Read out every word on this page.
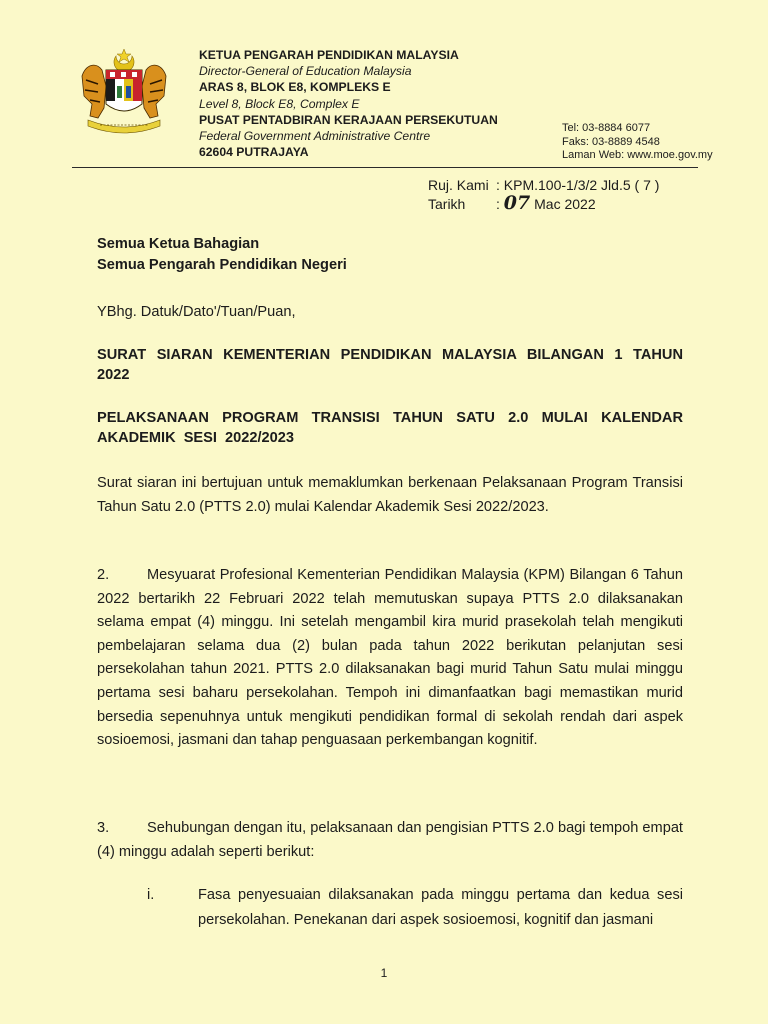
KETUA PENGARAH PENDIDIKAN MALAYSIA
Director-General of Education Malaysia
ARAS 8, BLOK E8, KOMPLEKS E
Level 8, Block E8, Complex E
PUSAT PENTADBIRAN KERAJAAN PERSEKUTUAN
Federal Government Administrative Centre
62604 PUTRAJAYA
Tel: 03-8884 6077
Faks: 03-8889 4548
Laman Web: www.moe.gov.my
Ruj. Kami : KPM.100-1/3/2 Jld.5 ( 7 )
Tarikh : 07 Mac 2022
Semua Ketua Bahagian
Semua Pengarah Pendidikan Negeri
YBhg. Datuk/Dato'/Tuan/Puan,
SURAT SIARAN KEMENTERIAN PENDIDIKAN MALAYSIA BILANGAN 1 TAHUN 2022
PELAKSANAAN PROGRAM TRANSISI TAHUN SATU 2.0 MULAI KALENDAR AKADEMIK SESI 2022/2023
Surat siaran ini bertujuan untuk memaklumkan berkenaan Pelaksanaan Program Transisi Tahun Satu 2.0 (PTTS 2.0) mulai Kalendar Akademik Sesi 2022/2023.
2.	Mesyuarat Profesional Kementerian Pendidikan Malaysia (KPM) Bilangan 6 Tahun 2022 bertarikh 22 Februari 2022 telah memutuskan supaya PTTS 2.0 dilaksanakan selama empat (4) minggu. Ini setelah mengambil kira murid prasekolah telah mengikuti pembelajaran selama dua (2) bulan pada tahun 2022 berikutan pelanjutan sesi persekolahan tahun 2021. PTTS 2.0 dilaksanakan bagi murid Tahun Satu mulai minggu pertama sesi baharu persekolahan. Tempoh ini dimanfaatkan bagi memastikan murid bersedia sepenuhnya untuk mengikuti pendidikan formal di sekolah rendah dari aspek sosioemosi, jasmani dan tahap penguasaan perkembangan kognitif.
3.	Sehubungan dengan itu, pelaksanaan dan pengisian PTTS 2.0 bagi tempoh empat (4) minggu adalah seperti berikut:
i.	Fasa penyesuaian dilaksanakan pada minggu pertama dan kedua sesi persekolahan. Penekanan dari aspek sosioemosi, kognitif dan jasmani
1
